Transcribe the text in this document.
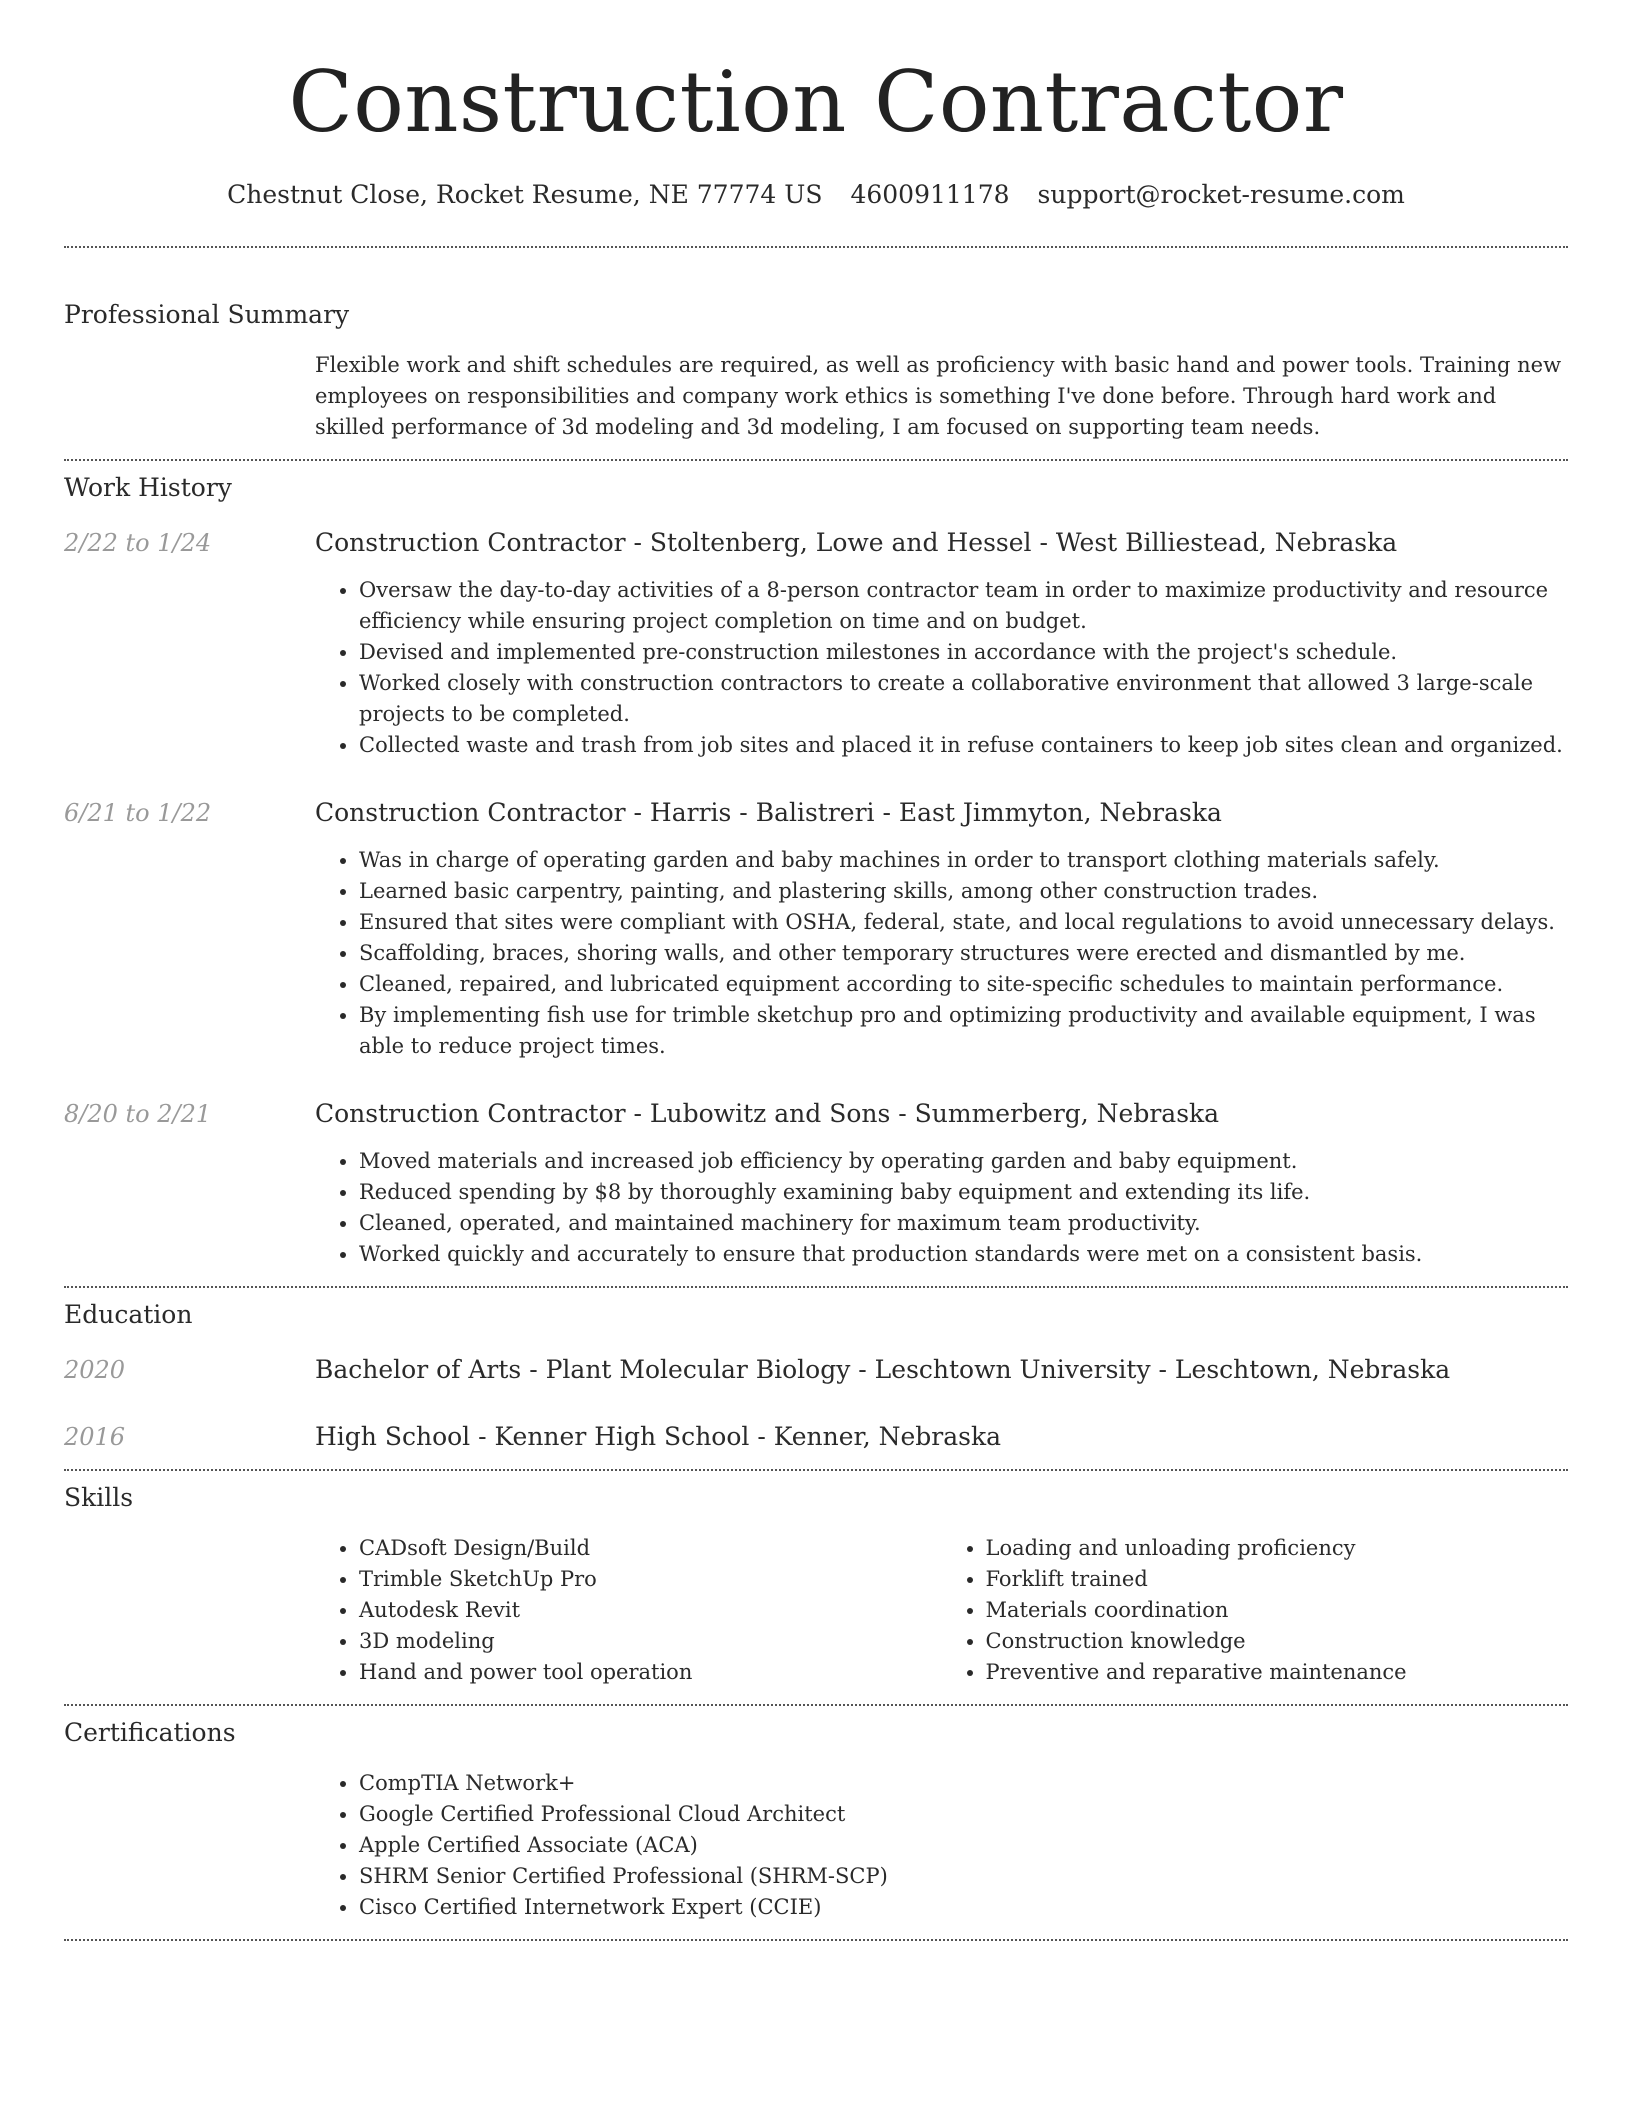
Construction Contractor
Chestnut Close, Rocket Resume, NE 77774 US 4600911178 support@rocket-resume.com
Professional Summary

Flexible work and shift schedules are required, as well as proficiency with basic hand and power tools. Training new employees on responsibilities and company work ethics is something I've done before. Through hard work and skilled performance of 3d modeling and 3d modeling, I am focused on supporting team needs.

Work History
2/22 to 1/24	Construction Contractor - Stoltenberg, Lowe and Hessel - West Billiestead, Nebraska
• Oversaw the day-to-day activities of a 8-person contractor team in order to maximize productivity and resource efficiency while ensuring project completion on time and on budget.
• Devised and implemented pre-construction milestones in accordance with the project's schedule.
• Worked closely with construction contractors to create a collaborative environment that allowed 3 large-scale projects to be completed.
• Collected waste and trash from job sites and placed it in refuse containers to keep job sites clean and organized.
6/21 to 1/22	Construction Contractor - Harris - Balistreri - East Jimmyton, Nebraska
• Was in charge of operating garden and baby machines in order to transport clothing materials safely.
• Learned basic carpentry, painting, and plastering skills, among other construction trades.
• Ensured that sites were compliant with OSHA, federal, state, and local regulations to avoid unnecessary delays.
• Scaffolding, braces, shoring walls, and other temporary structures were erected and dismantled by me.
• Cleaned, repaired, and lubricated equipment according to site-specific schedules to maintain performance.
• By implementing fish use for trimble sketchup pro and optimizing productivity and available equipment, I was able to reduce project times.
8/20 to 2/21	Construction Contractor - Lubowitz and Sons - Summerberg, Nebraska
• Moved materials and increased job efficiency by operating garden and baby equipment.
• Reduced spending by $8 by thoroughly examining baby equipment and extending its life.
• Cleaned, operated, and maintained machinery for maximum team productivity.
• Worked quickly and accurately to ensure that production standards were met on a consistent basis.
Education
2020	Bachelor of Arts - Plant Molecular Biology - Leschtown University - Leschtown, Nebraska
2016	High School - Kenner High School - Kenner, Nebraska
Skills
• CADsoft Design/Build
• Trimble SketchUp Pro
• Autodesk Revit
• 3D modeling
• Hand and power tool operation
• Loading and unloading proficiency
• Forklift trained
• Materials coordination
• Construction knowledge
• Preventive and reparative maintenance
Certifications
• CompTIA Network+
• Google Certified Professional Cloud Architect
• Apple Certified Associate (ACA)
• SHRM Senior Certified Professional (SHRM-SCP)
• Cisco Certified Internetwork Expert (CCIE)
